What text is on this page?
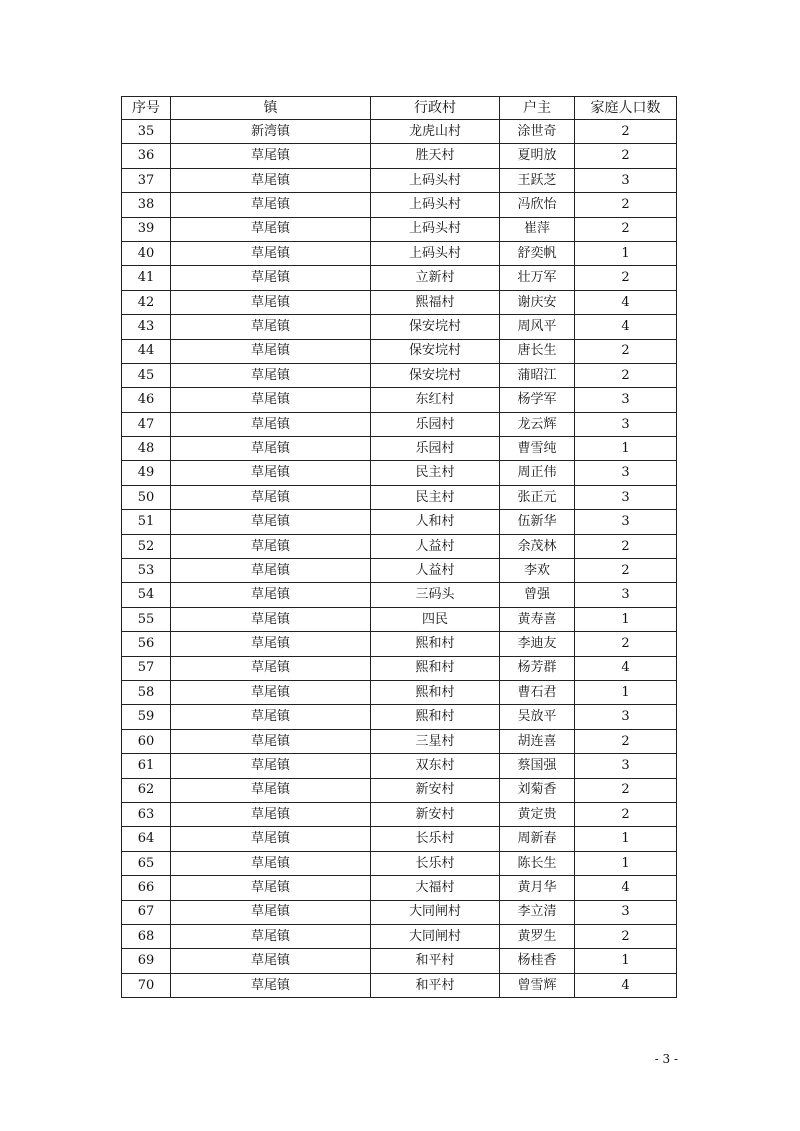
序号	镇	行政村	户主	家庭人口数
35	新湾镇	龙虎山村	涂世奇	2
36	草尾镇	胜天村	夏明放	2
37	草尾镇	上码头村	王跃芝	3
38	草尾镇	上码头村	冯欣怡	2
39	草尾镇	上码头村	崔萍	2
40	草尾镇	上码头村	舒奕帆	1
41	草尾镇	立新村	壮万军	2
42	草尾镇	熙福村	谢庆安	4
43	草尾镇	保安垸村	周风平	4
44	草尾镇	保安垸村	唐长生	2
45	草尾镇	保安垸村	蒲昭江	2
46	草尾镇	东红村	杨学军	3
47	草尾镇	乐园村	龙云辉	3
48	草尾镇	乐园村	曹雪纯	1
49	草尾镇	民主村	周正伟	3
50	草尾镇	民主村	张正元	3
51	草尾镇	人和村	伍新华	3
52	草尾镇	人益村	余茂林	2
53	草尾镇	人益村	李欢	2
54	草尾镇	三码头	曾强	3
55	草尾镇	四民	黄寿喜	1
56	草尾镇	熙和村	李迪友	2
57	草尾镇	熙和村	杨芳群	4
58	草尾镇	熙和村	曹石君	1
59	草尾镇	熙和村	吴放平	3
60	草尾镇	三星村	胡连喜	2
61	草尾镇	双东村	蔡国强	3
62	草尾镇	新安村	刘菊香	2
63	草尾镇	新安村	黄定贵	2
64	草尾镇	长乐村	周新春	1
65	草尾镇	长乐村	陈长生	1
66	草尾镇	大福村	黄月华	4
67	草尾镇	大同闸村	李立清	3
68	草尾镇	大同闸村	黄罗生	2
69	草尾镇	和平村	杨桂香	1
70	草尾镇	和平村	曾雪辉	4
- 3 -
